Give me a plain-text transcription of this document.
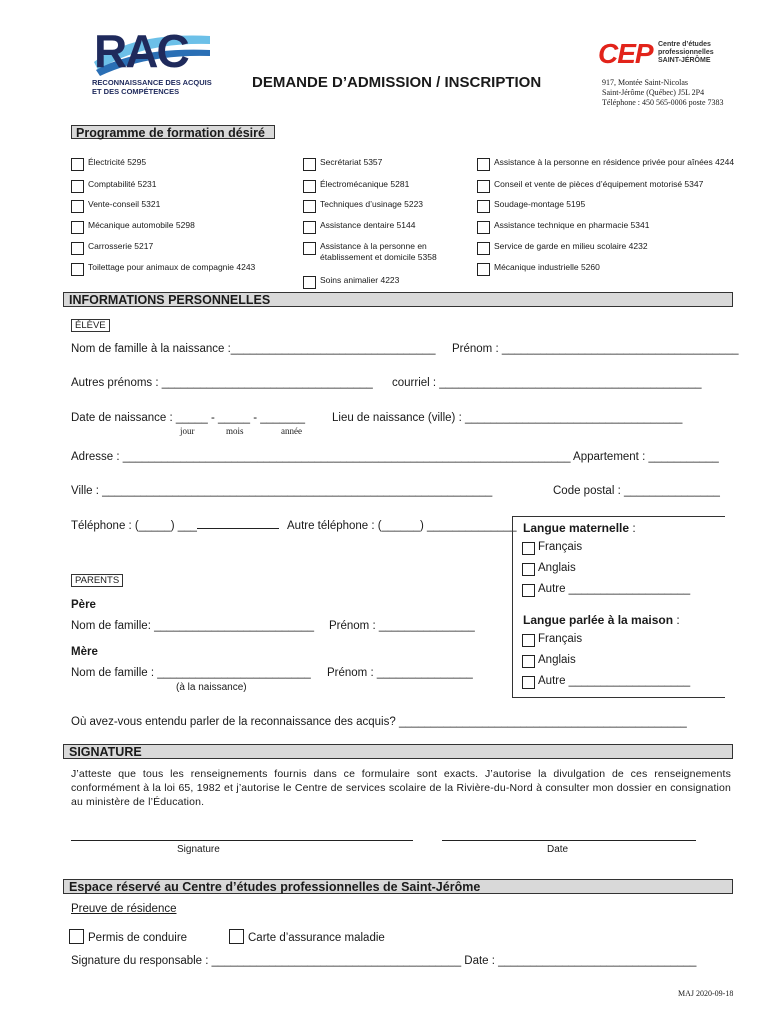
RAC
RECONNAISSANCE DES ACQUIS
ET DES COMPÉTENCES
DEMANDE D’ADMISSION / INSCRIPTION
CEP Centre d’études
professionnelles
SAINT-JÉRÔME
917, Montée Saint-Nicolas
Saint-Jérôme (Québec) J5L 2P4
Téléphone : 450 565-0006 poste 7383
Programme de formation désiré
Électricité 5295
Comptabilité 5231
Vente-conseil 5321
Mécanique automobile 5298
Carrosserie 5217
Toilettage pour animaux de compagnie 4243
Secrétariat 5357
Électromécanique 5281
Techniques d’usinage 5223
Assistance dentaire 5144
Assistance à la personne en établissement et domicile 5358
Soins animalier 4223
Assistance à la personne en résidence privée pour aînées 4244
Conseil et vente de pièces d’équipement motorisé 5347
Soudage-montage 5195
Assistance technique en pharmacie 5341
Service de garde en milieu scolaire 4232
Mécanique industrielle 5260
INFORMATIONS PERSONNELLES
ÉLÈVE
Nom de famille à la naissance :________________________________ Prénom : _____________________________________
Autres prénoms : _________________________________ courriel : _________________________________________
Date de naissance : _____ - _____ - _______
jour	mois	année
Lieu de naissance (ville) : __________________________________
Adresse : ______________________________________________________________________ Appartement : ___________
Ville : _____________________________________________________________	Code postal : _______________
Téléphone : (_____) ___	Autre téléphone : (______) ______________ Langue maternelle :
Français
Anglais
Autre ___________________
Langue parlée à la maison :
Français
Anglais
Autre ___________________
PARENTS
Père
Nom de famille: _________________________ Prénom : _______________
Mère
Nom de famille : ________________________ Prénom : _______________
(à la naissance)
Où avez-vous entendu parler de la reconnaissance des acquis? _____________________________________________
SIGNATURE
J’atteste que tous les renseignements fournis dans ce formulaire sont exacts. J’autorise la divulgation de ces renseignements conformément à la loi 65, 1982 et j’autorise le Centre de services scolaire de la Rivière-du-Nord à consulter mon dossier en consignation au ministère de l’Éducation.
Signature	Date
Espace réservé au Centre d’études professionnelles de Saint-Jérôme
Preuve de résidence
Permis de conduire	Carte d’assurance maladie
Signature du responsable : _______________________________________ Date : _______________________________
MAJ 2020-09-18
